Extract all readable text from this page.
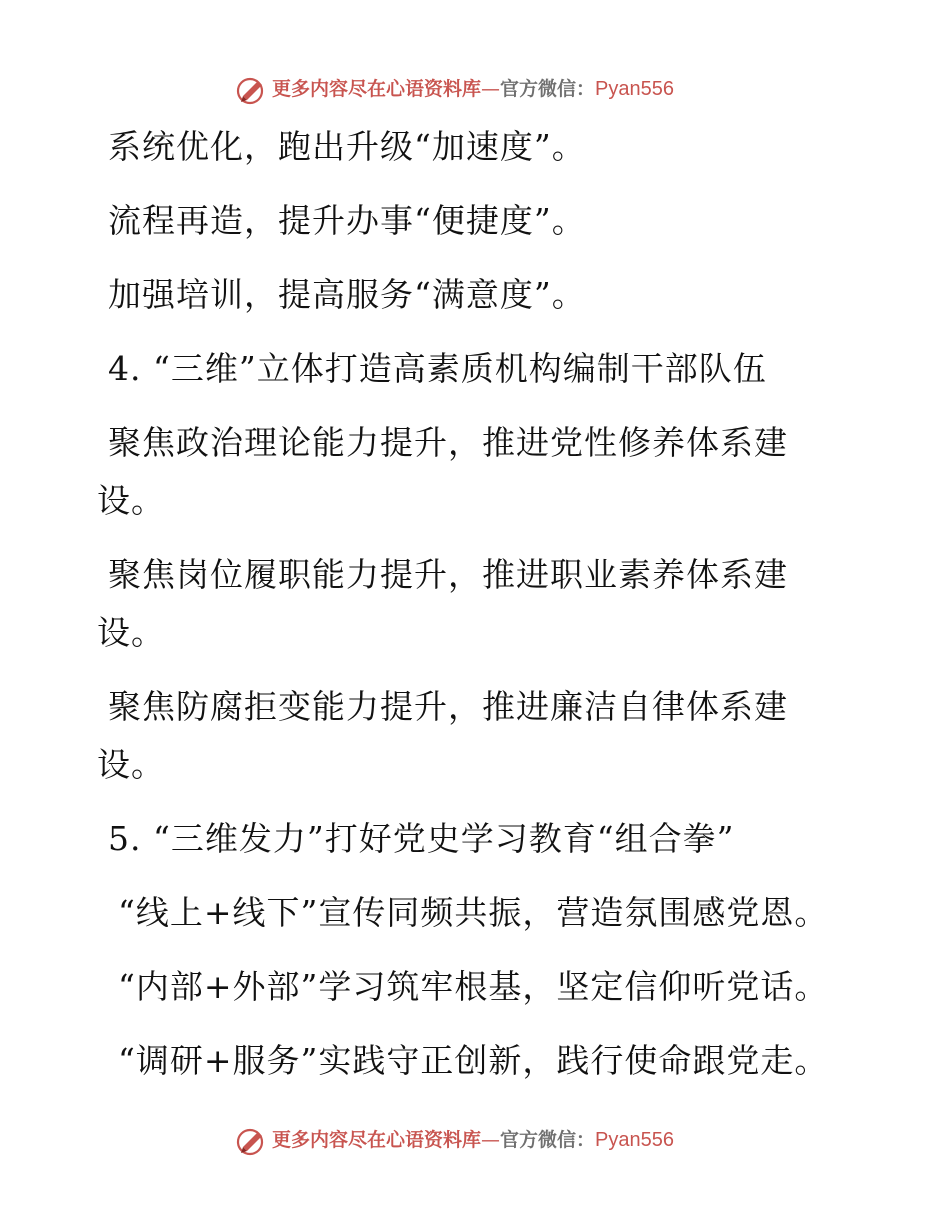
更多内容尽在心语资料库—官方微信：Pyan556
系统优化，跑出升级“加速度”。
流程再造，提升办事“便捷度”。
加强培训，提高服务“满意度”。
4. “三维”立体打造高素质机构编制干部队伍
聚焦政治理论能力提升，推进党性修养体系建
设。
聚焦岗位履职能力提升，推进职业素养体系建
设。
聚焦防腐拒变能力提升，推进廉洁自律体系建
设。
5. “三维发力”打好党史学习教育“组合拳”
“线上+线下”宣传同频共振，营造氛围感党恩。
“内部+外部”学习筑牢根基，坚定信仰听党话。
“调研+服务”实践守正创新，践行使命跟党走。
更多内容尽在心语资料库—官方微信：Pyan556
